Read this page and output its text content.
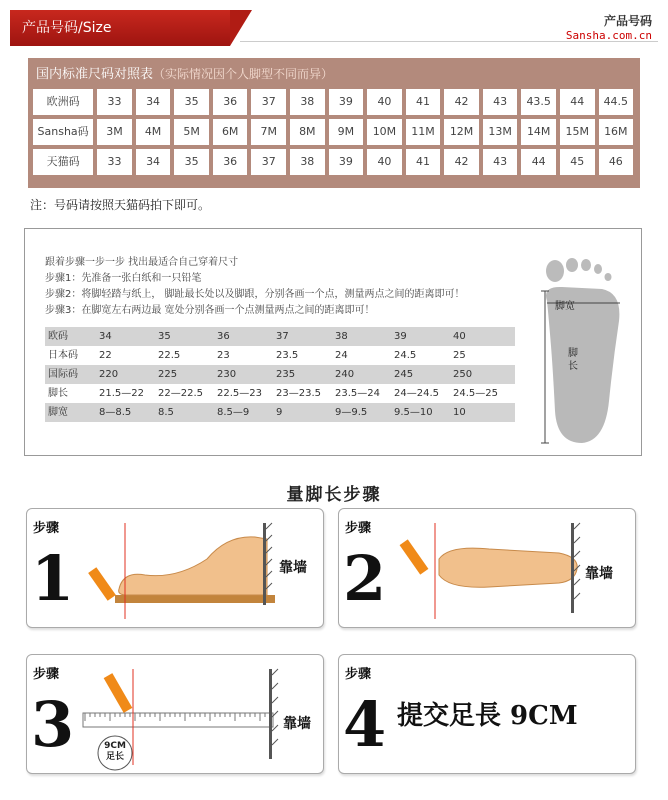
产品号码/Size	产品号码
Sansha.com.cn
国内标准尺码对照表（实际情况因个人脚型不同而异）
欧洲码	33	34	35	36	37	38	39	40	41	42	43	43.5	44	44.5
Sansha码	3M	4M	5M	6M	7M	8M	9M	10M	11M	12M	13M	14M	15M	16M
天猫码	33	34	35	36	37	38	39	40	41	42	43	44	45	46
注：号码请按照天猫码拍下即可。
跟着步骤一步一步 找出最适合自己穿着尺寸
步骤1：先准备一张白纸和一只铅笔
步骤2：将脚轻踏与纸上， 脚趾最长处以及脚跟，分别各画一个点，测量两点之间的距离即可！
步骤3：在脚宽左右两边最 宽处分别各画一个点测量两点之间的距离即可！
欧码	34	35	36	37	38	39	40
日本码	22	22.5	23	23.5	24	24.5	25
国际码	220	225	230	235	240	245	250
脚长	21.5—22	22—22.5	22.5—23	23—23.5	23.5—24	24—24.5	24.5—25
脚宽	8—8.5	8.5	8.5—9	9	9—9.5	9.5—10	10
脚宽
脚长
量脚长步骤
步骤
1	靠墙
步骤
2	靠墙
步骤
3	9CM
足长
靠墙
步骤
4 提交足長 9CM
